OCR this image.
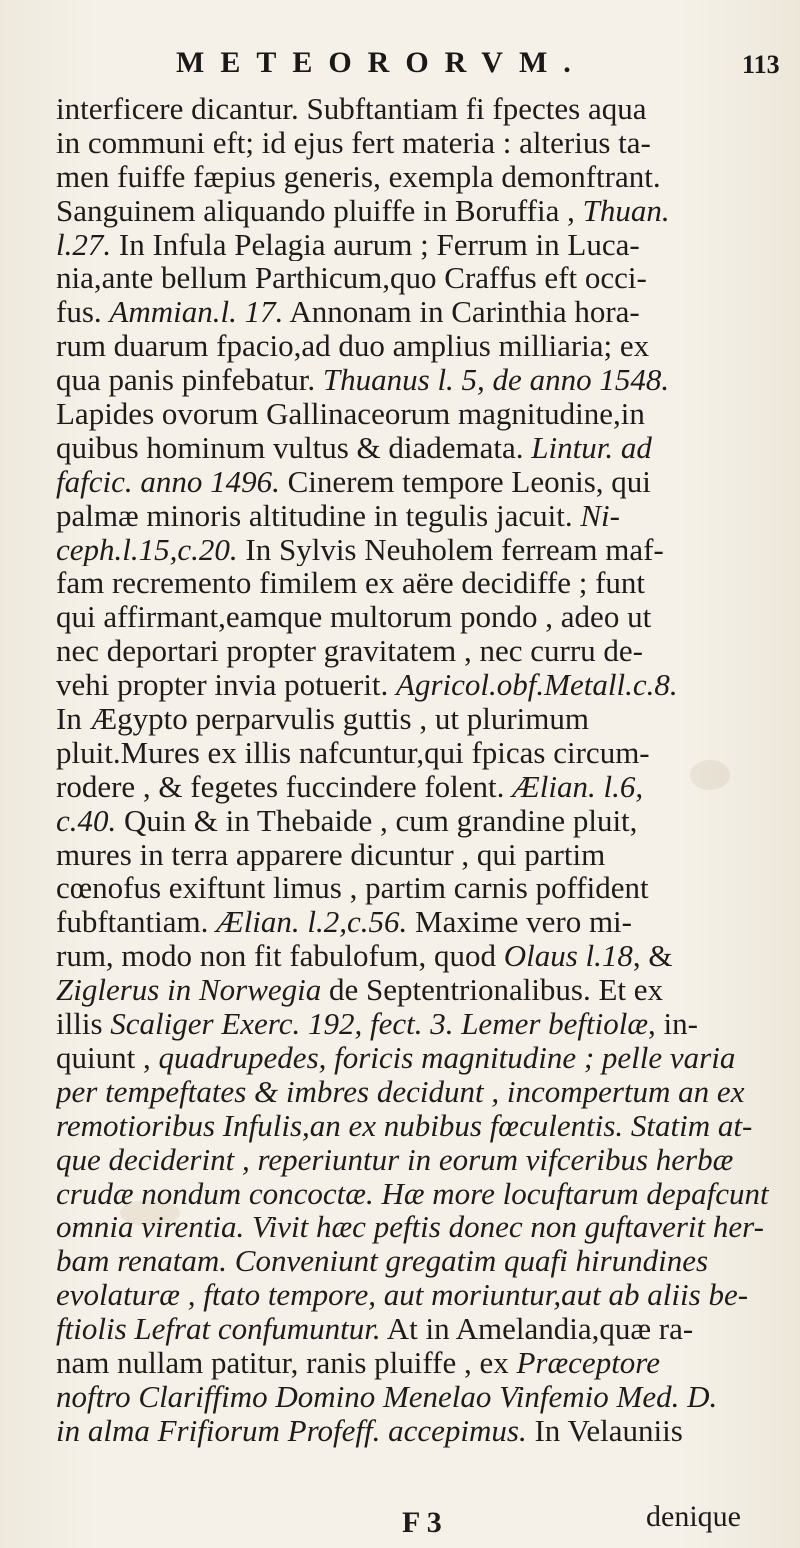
METEORORVM.	113
interficere dicantur. Subftantiam fi fpectes aqua
in communi eft; id ejus fert materia : alterius ta-
men fuiffe fæpius generis, exempla demonftrant.
Sanguinem aliquando pluiffe in Boruffia , Thuan.
l.27. In Infula Pelagia aurum ; Ferrum in Luca-
nia,ante bellum Parthicum,quo Craffus eft occi-
fus. Ammian.l. 17. Annonam in Carinthia hora-
rum duarum fpacio,ad duo amplius milliaria; ex
qua panis pinfebatur. Thuanus l. 5, de anno 1548.
Lapides ovorum Gallinaceorum magnitudine,in
quibus hominum vultus & diademata. Lintur. ad
fafcic. anno 1496. Cinerem tempore Leonis, qui
palmæ minoris altitudine in tegulis jacuit. Ni-
ceph.l.15,c.20. In Sylvis Neuholem ferream maf-
fam recremento fimilem ex aëre decidiffe ; funt
qui affirmant,eamque multorum pondo , adeo ut
nec deportari propter gravitatem , nec curru de-
vehi propter invia potuerit. Agricol.obf.Metall.c.8.
In Ægypto perparvulis guttis , ut plurimum
pluit.Mures ex illis nafcuntur,qui fpicas circum-
rodere , & fegetes fuccindere folent. Ælian. l.6,
c.40. Quin & in Thebaide , cum grandine pluit,
mures in terra apparere dicuntur , qui partim
cœnofus exiftunt limus , partim carnis poffident
fubftantiam. Ælian. l.2,c.56. Maxime vero mi-
rum, modo non fit fabulofum, quod Olaus l.18, &
Ziglerus in Norwegia de Septentrionalibus. Et ex
illis Scaliger Exerc. 192, fect. 3. Lemer beftiolæ, in-
quiunt , quadrupedes, foricis magnitudine ; pelle varia
per tempeftates & imbres decidunt , incompertum an ex
remotioribus Infulis,an ex nubibus fœculentis. Statim at-
que deciderint , reperiuntur in eorum vifceribus herbæ
crudæ nondum concoctæ. Hæ more locuftarum depafcunt
omnia virentia. Vivit hæc peftis donec non guftaverit her-
bam renatam. Conveniunt gregatim quafi hirundines
evolaturæ , ftato tempore, aut moriuntur,aut ab aliis be-
ftiolis Lefrat confumuntur. At in Amelandia,quæ ra-
nam nullam patitur, ranis pluiffe , ex Præceptore
noftro Clariffimo Domino Menelao Vinfemio Med. D.
in alma Frifiorum Profeff. accepimus. In Velauniis
F 3	denique
